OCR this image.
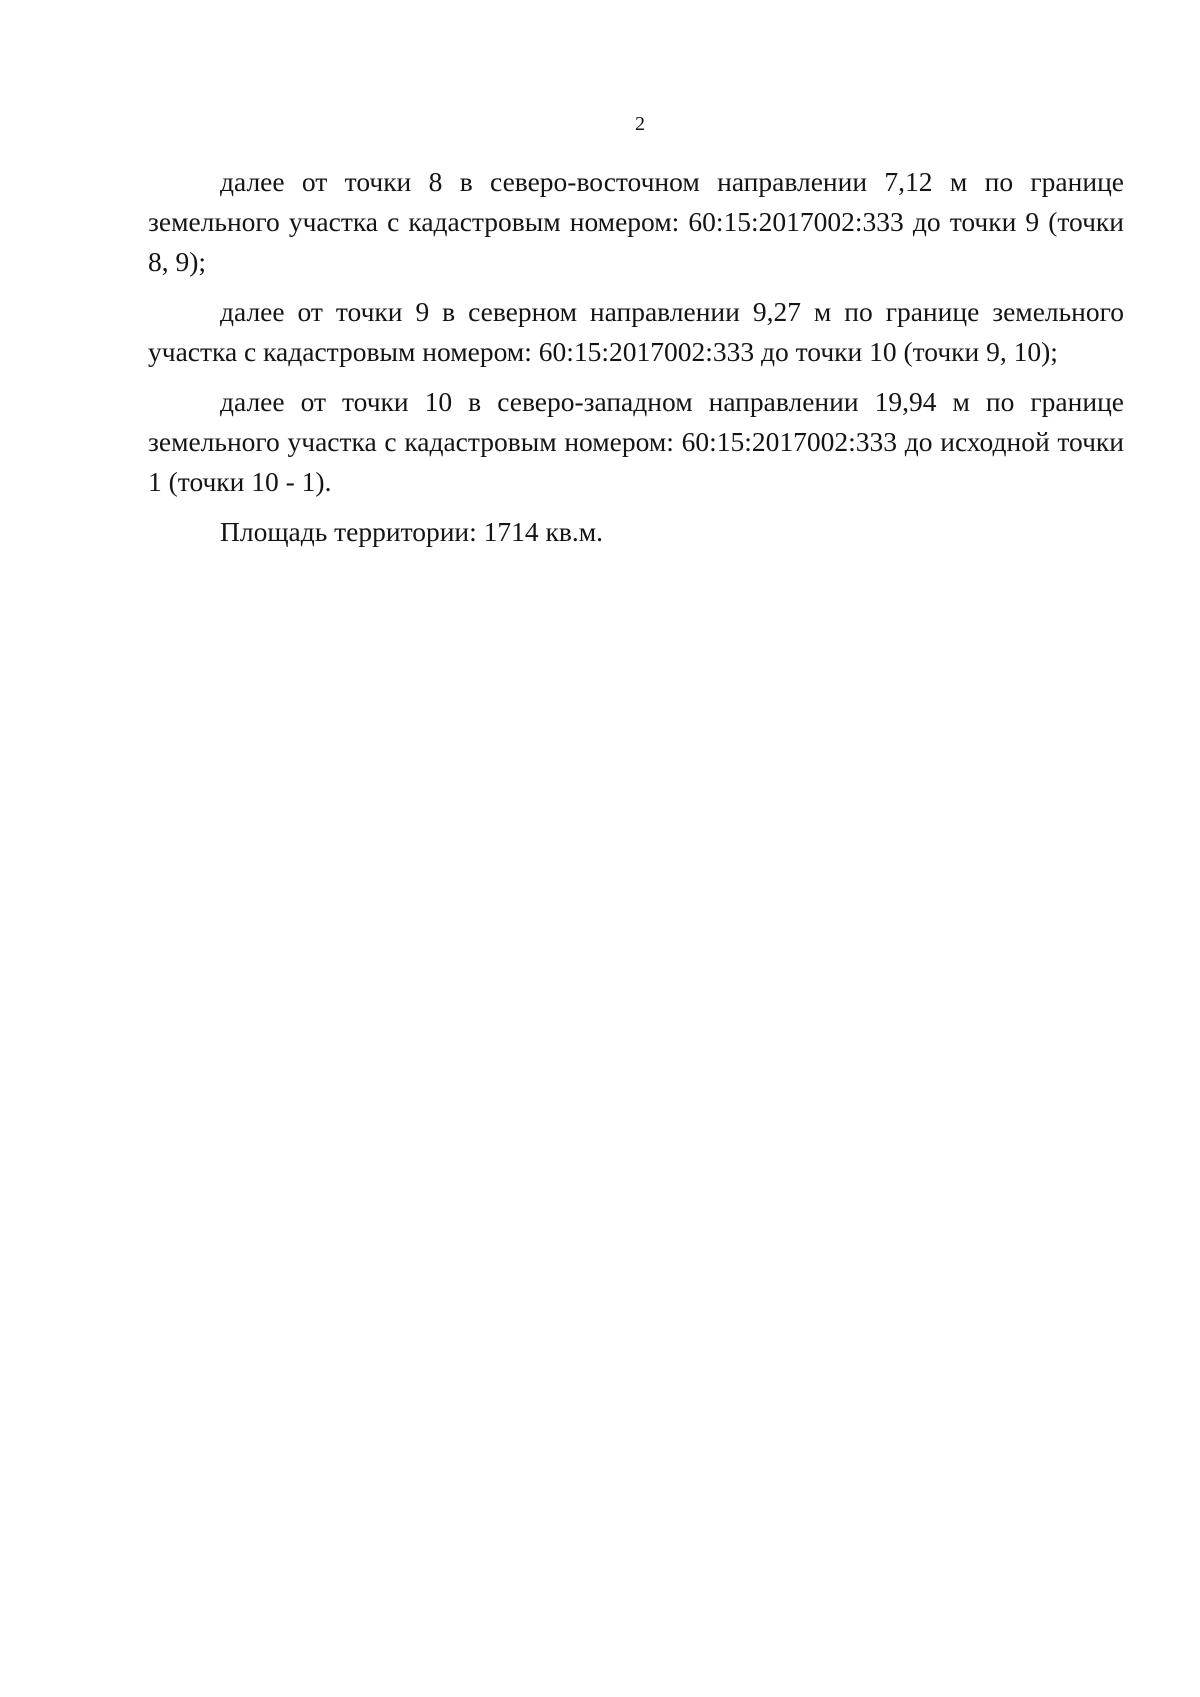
2

далее от точки 8 в северо-восточном направлении 7,12 м по границе земельного участка с кадастровым номером: 60:15:2017002:333 до точки 9 (точки 8, 9);

далее от точки 9 в северном направлении 9,27 м по границе земельного участка с кадастровым номером: 60:15:2017002:333 до точки 10 (точки 9, 10);

далее от точки 10 в северо-западном направлении 19,94 м по границе земельного участка с кадастровым номером: 60:15:2017002:333 до исходной точки 1 (точки 10 - 1).

Площадь территории: 1714 кв.м.
